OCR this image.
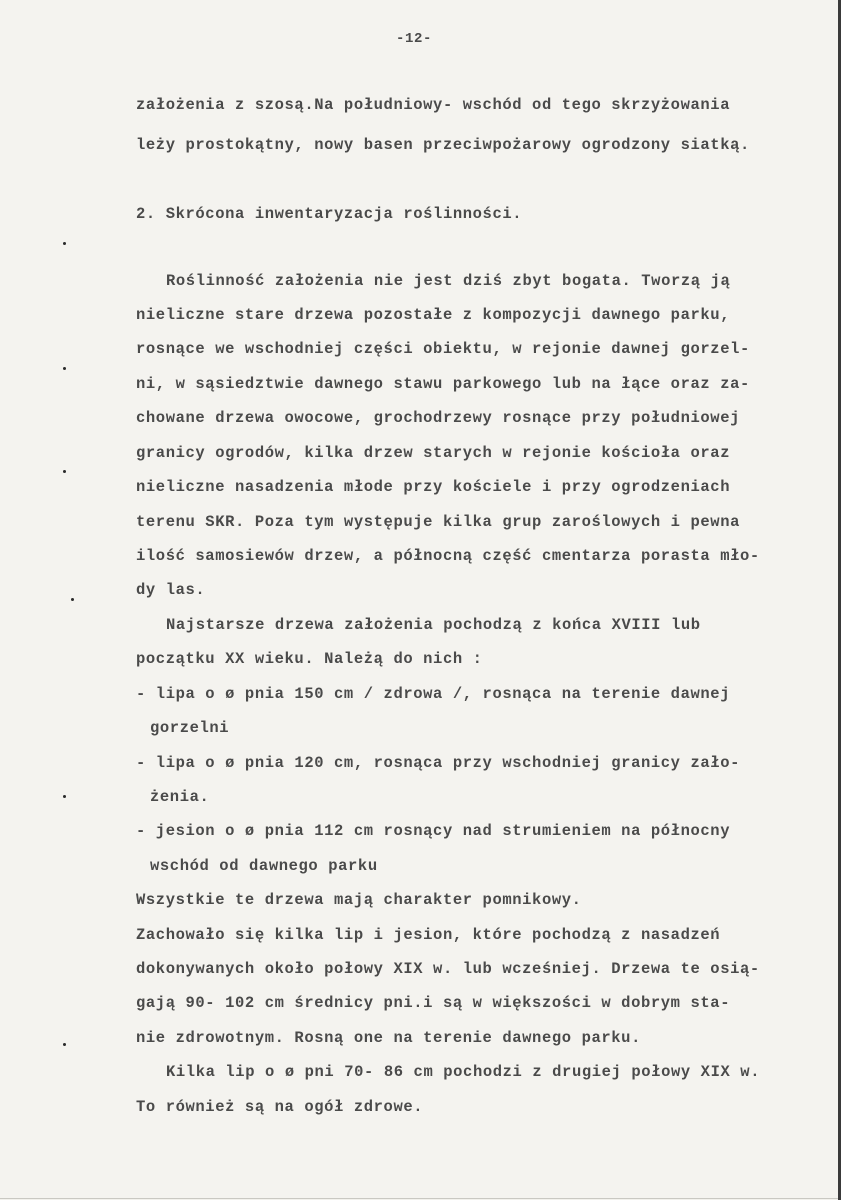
-12-
założenia z szosą.Na południowy- wschód od tego skrzyżowania
leży prostokątny, nowy basen przeciwpożarowy ogrodzony siatką.
2. Skrócona inwentaryzacja roślinności.
Roślinność założenia nie jest dziś zbyt bogata. Tworzą ją
nieliczne stare drzewa pozostałe z kompozycji dawnego parku,
rosnące we wschodniej części obiektu, w rejonie dawnej gorzel-
ni, w sąsiedztwie dawnego stawu parkowego lub na łące oraz za-
chowane drzewa owocowe, grochodrzewy rosnące przy południowej
granicy ogrodów, kilka drzew starych w rejonie kościoła oraz
nieliczne nasadzenia młode przy kościele i przy ogrodzeniach
terenu SKR. Poza tym występuje kilka grup zaroślowych i pewna
ilość samosiewów drzew, a północną część cmentarza porasta mło-
dy las.
Najstarsze drzewa założenia pochodzą z końca XVIII lub
początku XX wieku. Należą do nich :
- lipa o ø pnia 150 cm / zdrowa /, rosnąca na terenie dawnej
gorzelni
- lipa o ø pnia 120 cm, rosnąca przy wschodniej granicy zało-
żenia.
- jesion o ø pnia 112 cm rosnący nad strumieniem na północny
wschód od dawnego parku
Wszystkie te drzewa mają charakter pomnikowy.
Zachowało się kilka lip i jesion, które pochodzą z nasadzeń
dokonywanych około połowy XIX w. lub wcześniej. Drzewa te osią-
gają 90- 102 cm średnicy pni.i są w większości w dobrym sta-
nie zdrowotnym. Rosną one na terenie dawnego parku.
Kilka lip o ø pni 70- 86 cm pochodzi z drugiej połowy XIX w.
To również są na ogół zdrowe.
